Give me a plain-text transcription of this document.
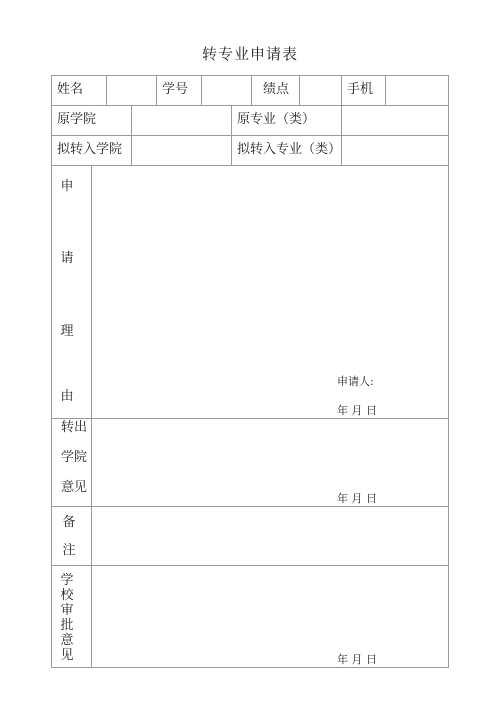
转专业申请表
姓名	学号	绩点	手机
原学院	原专业（类）
拟转入学院	拟转入专业（类）
申
请
理
由
申请人:
年 月 日
转出
学院
意见
年 月 日
备
注
学
校
审
批
意
见	年 月 日
